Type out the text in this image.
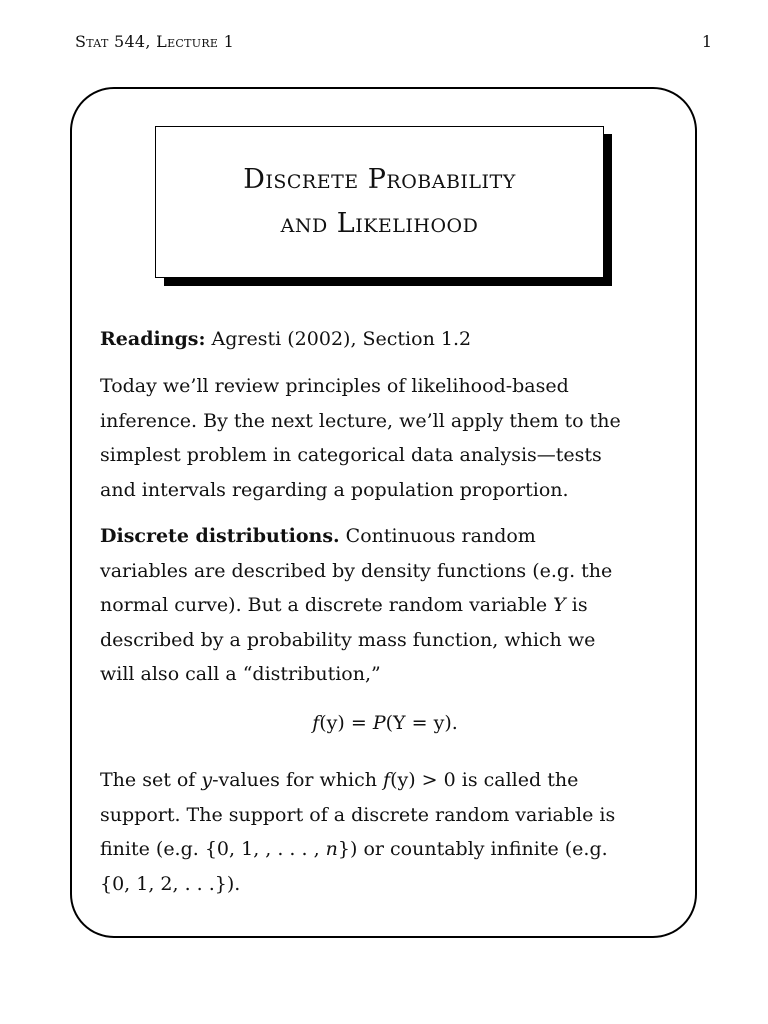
Stat 544, Lecture 1	1
Discrete Probability
and Likelihood
Readings: Agresti (2002), Section 1.2
Today we’ll review principles of likelihood-based
inference. By the next lecture, we’ll apply them to the
simplest problem in categorical data analysis—tests
and intervals regarding a population proportion.
Discrete distributions. Continuous random
variables are described by density functions (e.g. the
normal curve). But a discrete random variable Y is
described by a probability mass function, which we
will also call a “distribution,”
f(y) = P(Y = y).
The set of y-values for which f(y) > 0 is called the
support. The support of a discrete random variable is
finite (e.g. {0, 1, , . . . , n}) or countably infinite (e.g.
{0, 1, 2, . . .}).
